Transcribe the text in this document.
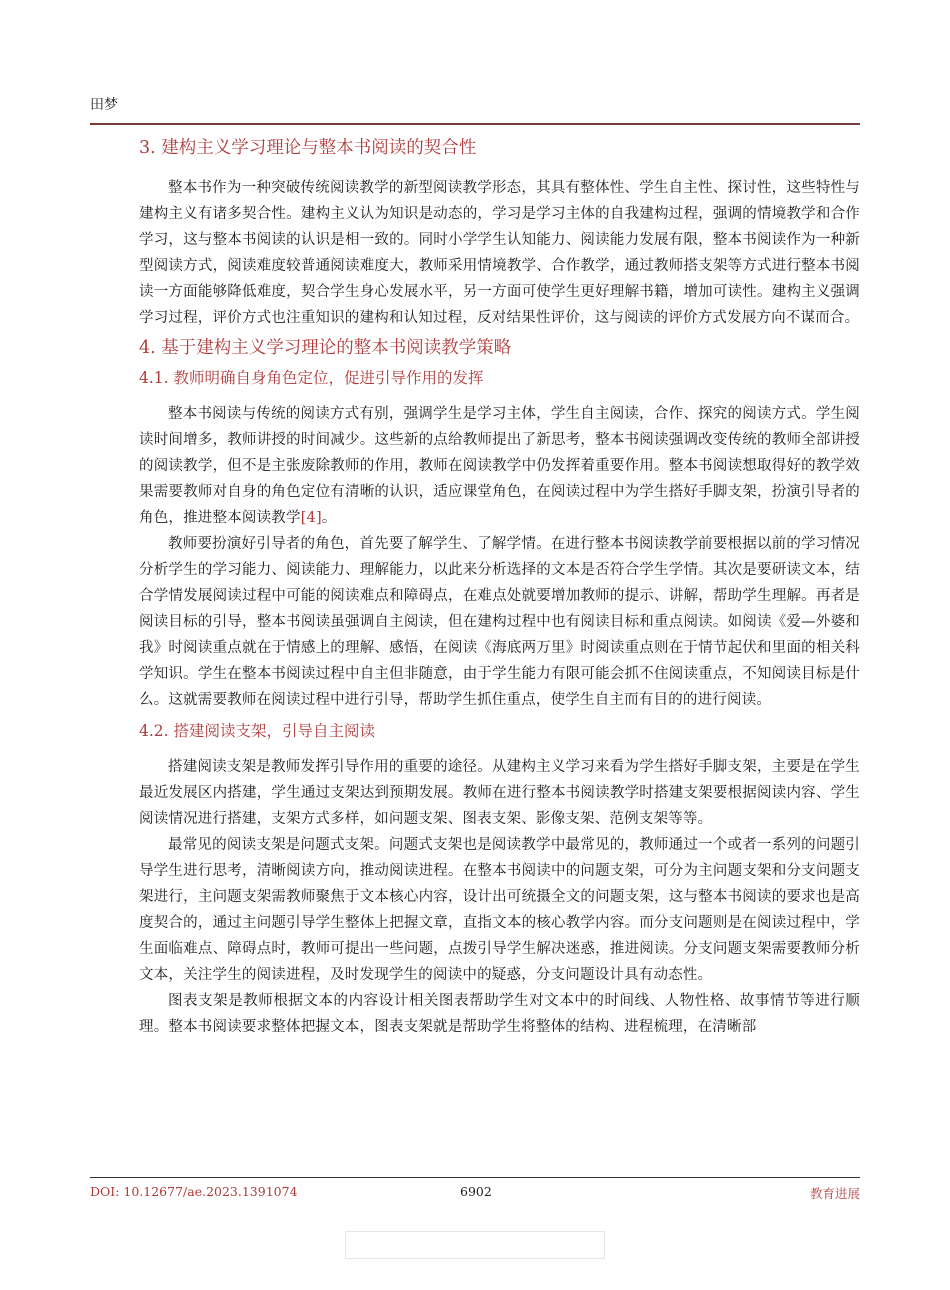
田梦
3. 建构主义学习理论与整本书阅读的契合性

整本书作为一种突破传统阅读教学的新型阅读教学形态，其具有整体性、学生自主性、探讨性，这些特性与建构主义有诸多契合性。建构主义认为知识是动态的，学习是学习主体的自我建构过程，强调的情境教学和合作学习，这与整本书阅读的认识是相一致的。同时小学学生认知能力、阅读能力发展有限，整本书阅读作为一种新型阅读方式，阅读难度较普通阅读难度大，教师采用情境教学、合作教学，通过教师搭支架等方式进行整本书阅读一方面能够降低难度，契合学生身心发展水平，另一方面可使学生更好理解书籍，增加可读性。建构主义强调学习过程，评价方式也注重知识的建构和认知过程，反对结果性评价，这与阅读的评价方式发展方向不谋而合。

4. 基于建构主义学习理论的整本书阅读教学策略
4.1. 教师明确自身角色定位，促进引导作用的发挥

整本书阅读与传统的阅读方式有别，强调学生是学习主体，学生自主阅读，合作、探究的阅读方式。学生阅读时间增多，教师讲授的时间减少。这些新的点给教师提出了新思考，整本书阅读强调改变传统的教师全部讲授的阅读教学，但不是主张废除教师的作用，教师在阅读教学中仍发挥着重要作用。整本书阅读想取得好的教学效果需要教师对自身的角色定位有清晰的认识，适应课堂角色，在阅读过程中为学生搭好手脚支架，扮演引导者的角色，推进整本阅读教学[4]。

教师要扮演好引导者的角色，首先要了解学生、了解学情。在进行整本书阅读教学前要根据以前的学习情况分析学生的学习能力、阅读能力、理解能力，以此来分析选择的文本是否符合学生学情。其次是要研读文本，结合学情发展阅读过程中可能的阅读难点和障碍点，在难点处就要增加教师的提示、讲解，帮助学生理解。再者是阅读目标的引导，整本书阅读虽强调自主阅读，但在建构过程中也有阅读目标和重点阅读。如阅读《爱—外婆和我》时阅读重点就在于情感上的理解、感悟，在阅读《海底两万里》时阅读重点则在于情节起伏和里面的相关科学知识。学生在整本书阅读过程中自主但非随意，由于学生能力有限可能会抓不住阅读重点，不知阅读目标是什么。这就需要教师在阅读过程中进行引导，帮助学生抓住重点，使学生自主而有目的的进行阅读。

4.2. 搭建阅读支架，引导自主阅读

搭建阅读支架是教师发挥引导作用的重要的途径。从建构主义学习来看为学生搭好手脚支架，主要是在学生最近发展区内搭建，学生通过支架达到预期发展。教师在进行整本书阅读教学时搭建支架要根据阅读内容、学生阅读情况进行搭建，支架方式多样，如问题支架、图表支架、影像支架、范例支架等等。

最常见的阅读支架是问题式支架。问题式支架也是阅读教学中最常见的，教师通过一个或者一系列的问题引导学生进行思考，清晰阅读方向，推动阅读进程。在整本书阅读中的问题支架，可分为主问题支架和分支问题支架进行，主问题支架需教师聚焦于文本核心内容，设计出可统摄全文的问题支架，这与整本书阅读的要求也是高度契合的，通过主问题引导学生整体上把握文章，直指文本的核心教学内容。而分支问题则是在阅读过程中，学生面临难点、障碍点时，教师可提出一些问题，点拨引导学生解决迷惑，推进阅读。分支问题支架需要教师分析文本，关注学生的阅读进程，及时发现学生的阅读中的疑惑，分支问题设计具有动态性。

图表支架是教师根据文本的内容设计相关图表帮助学生对文本中的时间线、人物性格、故事情节等进行顺理。整本书阅读要求整体把握文本，图表支架就是帮助学生将整体的结构、进程梳理，在清晰部

DOI: 10.12677/ae.2023.1391074	6902	教育进展
